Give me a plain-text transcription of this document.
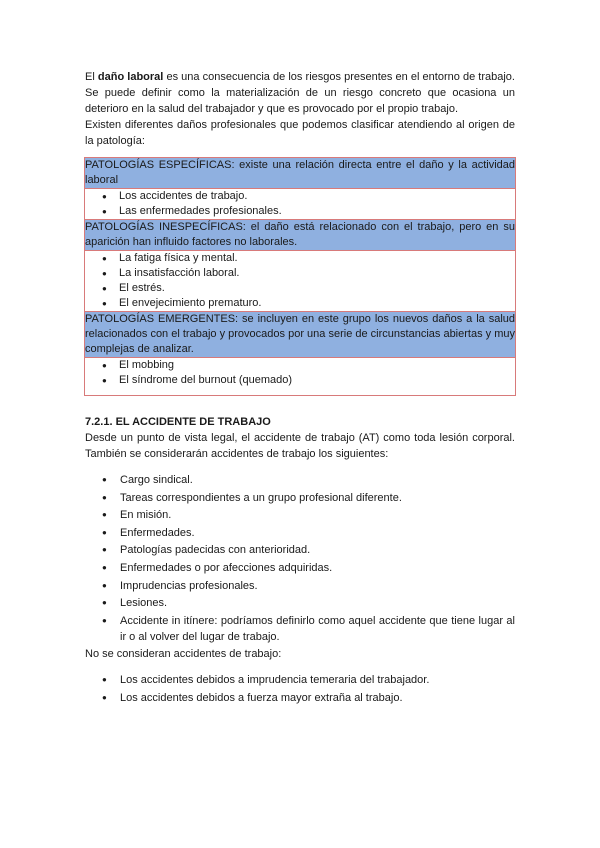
El daño laboral es una consecuencia de los riesgos presentes en el entorno de trabajo. Se puede definir como la materialización de un riesgo concreto que ocasiona un deterioro en la salud del trabajador y que es provocado por el propio trabajo.

Existen diferentes daños profesionales que podemos clasificar atendiendo al origen de la patología:

PATOLOGÍAS ESPECÍFICAS: existe una relación directa entre el daño y la actividad laboral

● Los accidentes de trabajo.
● Las enfermedades profesionales.

PATOLOGÍAS INESPECÍFICAS: el daño está relacionado con el trabajo, pero en su aparición han influido factores no laborales.

● La fatiga física y mental.
● La insatisfacción laboral.
● El estrés.
● El envejecimiento prematuro.

PATOLOGÍAS EMERGENTES: se incluyen en este grupo los nuevos daños a la salud relacionados con el trabajo y provocados por una serie de circunstancias abiertas y muy complejas de analizar.

● El mobbing
● El síndrome del burnout (quemado)
7.2.1. EL ACCIDENTE DE TRABAJO

Desde un punto de vista legal, el accidente de trabajo (AT) como toda lesión corporal. También se considerarán accidentes de trabajo los siguientes:

● Cargo sindical.
● Tareas correspondientes a un grupo profesional diferente.
● En misión.
● Enfermedades.
● Patologías padecidas con anterioridad.
● Enfermedades o por afecciones adquiridas.
● Imprudencias profesionales.
● Lesiones.
● Accidente in itínere: podríamos definirlo como aquel accidente que tiene lugar al ir o al volver del lugar de trabajo.

No se consideran accidentes de trabajo:

● Los accidentes debidos a imprudencia temeraria del trabajador.
● Los accidentes debidos a fuerza mayor extraña al trabajo.
